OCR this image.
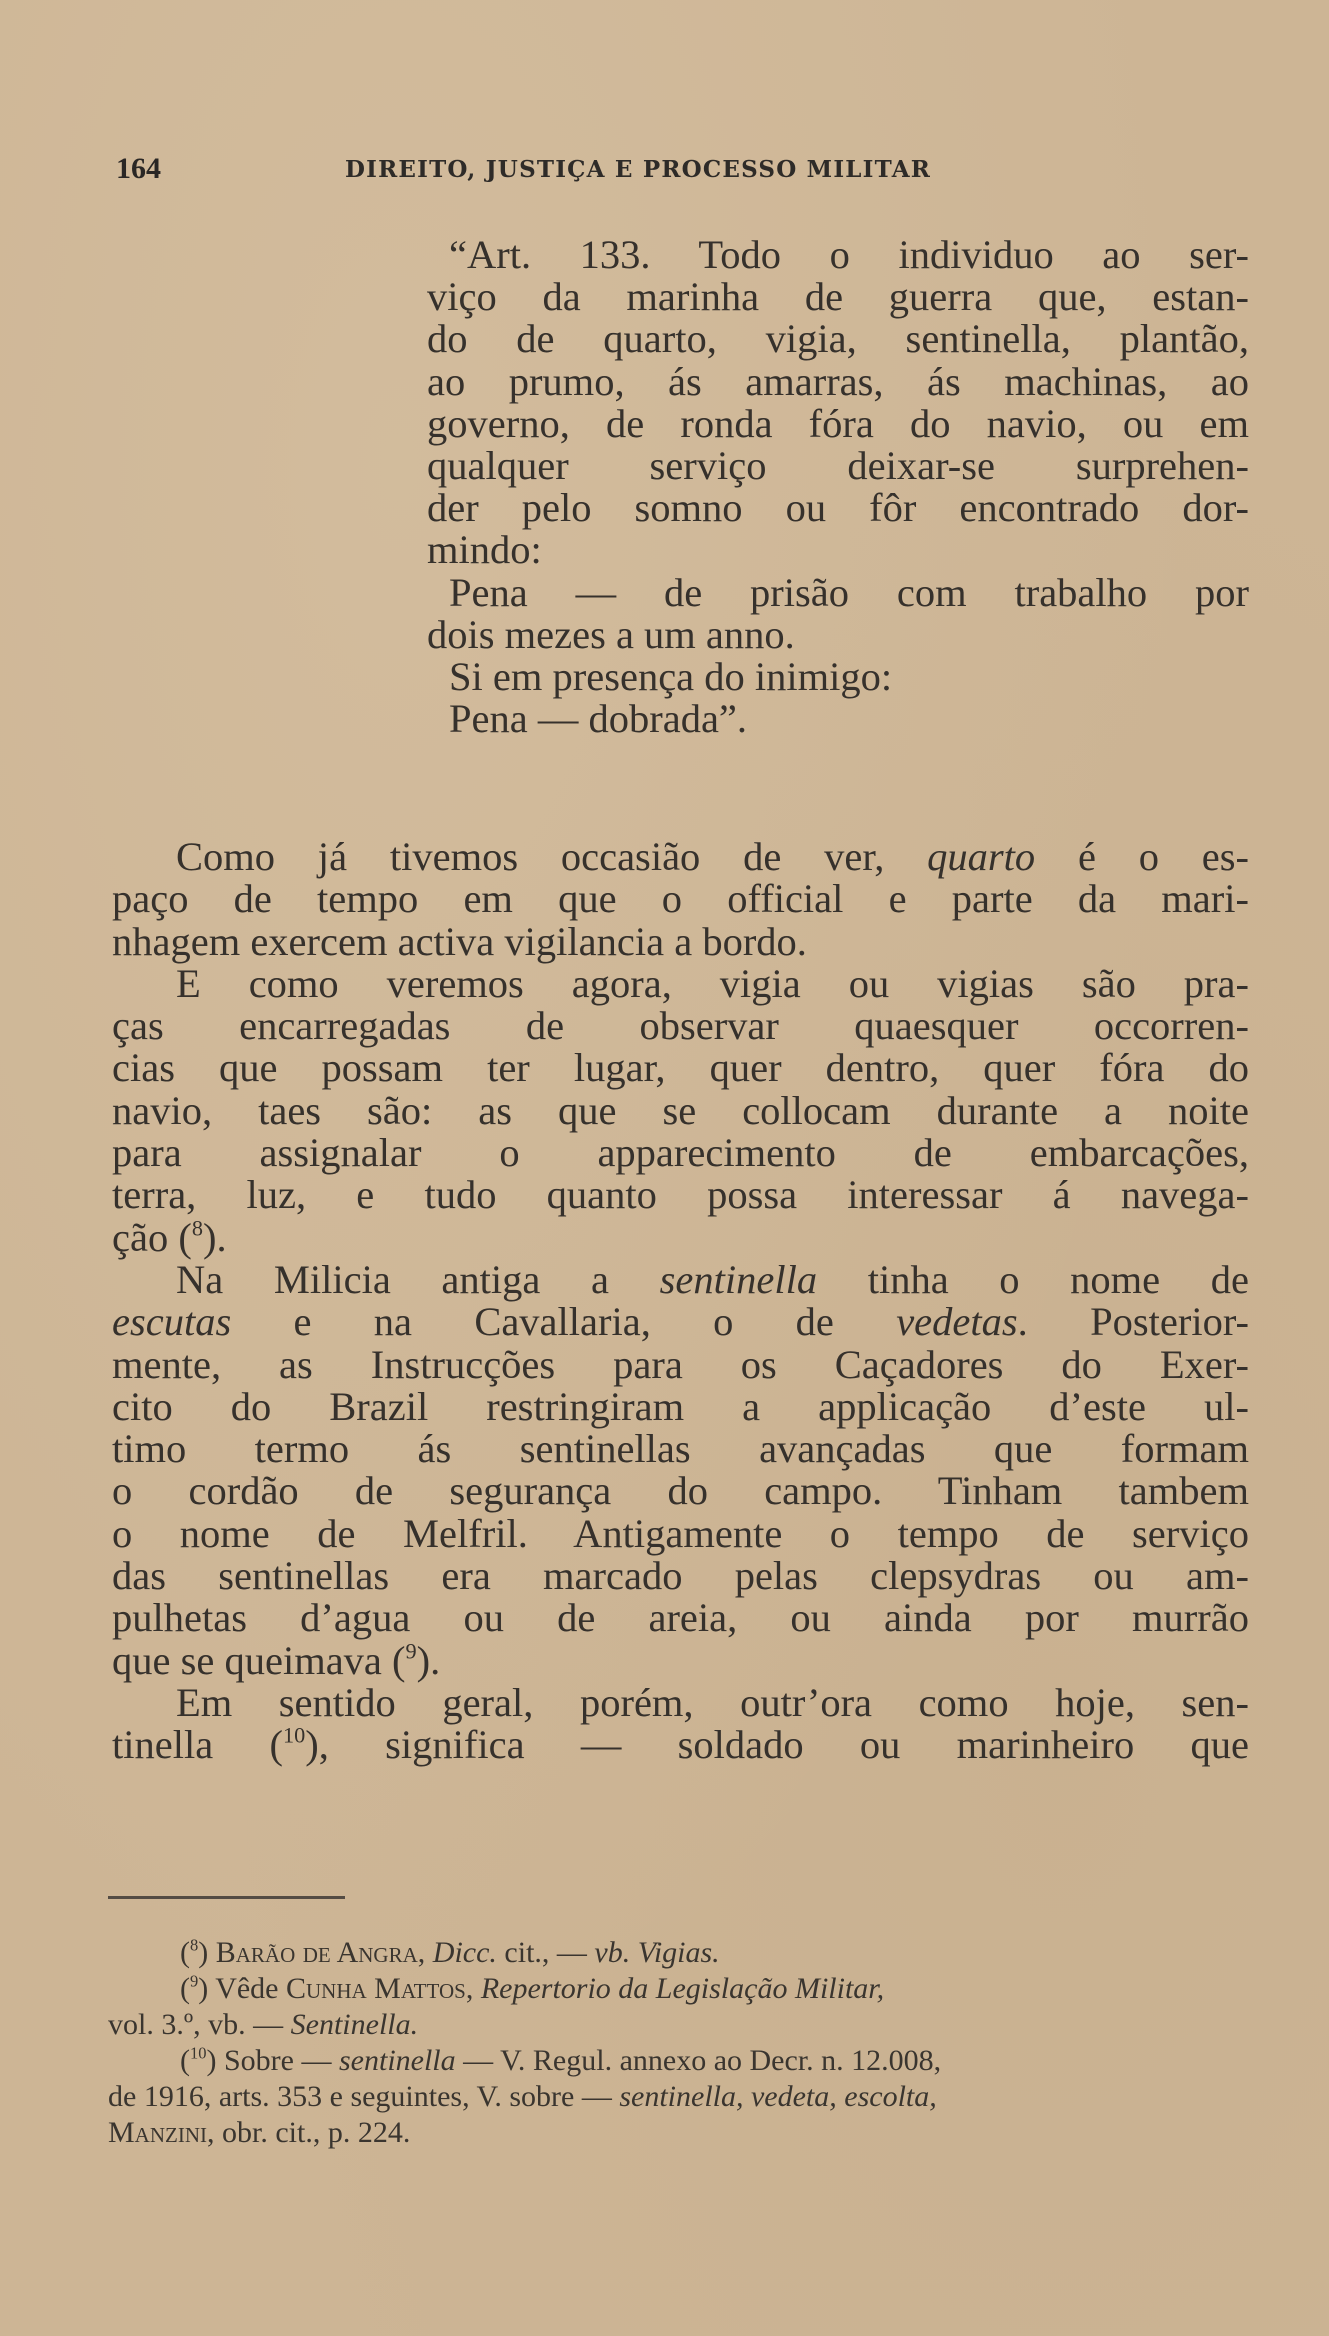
164	DIREITO, JUSTIÇA E PROCESSO MILITAR
“Art. 133. Todo o individuo ao ser-
viço da marinha de guerra que, estan-
do de quarto, vigia, sentinella, plantão,
ao prumo, ás amarras, ás machinas, ao
governo, de ronda fóra do navio, ou em
qualquer serviço deixar-se surprehen-
der pelo somno ou fôr encontrado dor-
mindo:
Pena — de prisão com trabalho por
dois mezes a um anno.
Si em presença do inimigo:
Pena — dobrada”.

Como já tivemos occasião de ver, quarto é o es-
paço de tempo em que o official e parte da mari-
nhagem exercem activa vigilancia a bordo.

E como veremos agora, vigia ou vigias são pra-
ças encarregadas de observar quaesquer occorren-
cias que possam ter lugar, quer dentro, quer fóra do
navio, taes são: as que se collocam durante a noite
para assignalar o apparecimento de embarcações,
terra, luz, e tudo quanto possa interessar á navega-
ção ($^8$).

Na Milicia antiga a sentinella tinha o nome de
escutas e na Cavallaria, o de vedetas. Posterior-
mente, as Instrucções para os Caçadores do Exer-
cito do Brazil restringiram a applicação d’este ul-
timo termo ás sentinellas avançadas que formam
o cordão de segurança do campo. Tinham tambem
o nome de Melfril. Antigamente o tempo de serviço
das sentinellas era marcado pelas clepsydras ou am-
pulhetas d’agua ou de areia, ou ainda por murrão
que se queimava ($^9$).

Em sentido geral, porém, outr’ora como hoje, sen-
tinella ($^{10}$), significa — soldado ou marinheiro que

($^8$) Barão de Angra, Dicc. cit., — vb. Vigias.
($^9$) Vêde Cunha Mattos, Repertorio da Legislação Militar,
vol. 3.º, vb. — Sentinella.
($^{10}$) Sobre — sentinella — V. Regul. annexo ao Decr. n. 12.008,
de 1916, arts. 353 e seguintes, V. sobre — sentinella, vedeta, escolta,
Manzini, obr. cit., p. 224.
